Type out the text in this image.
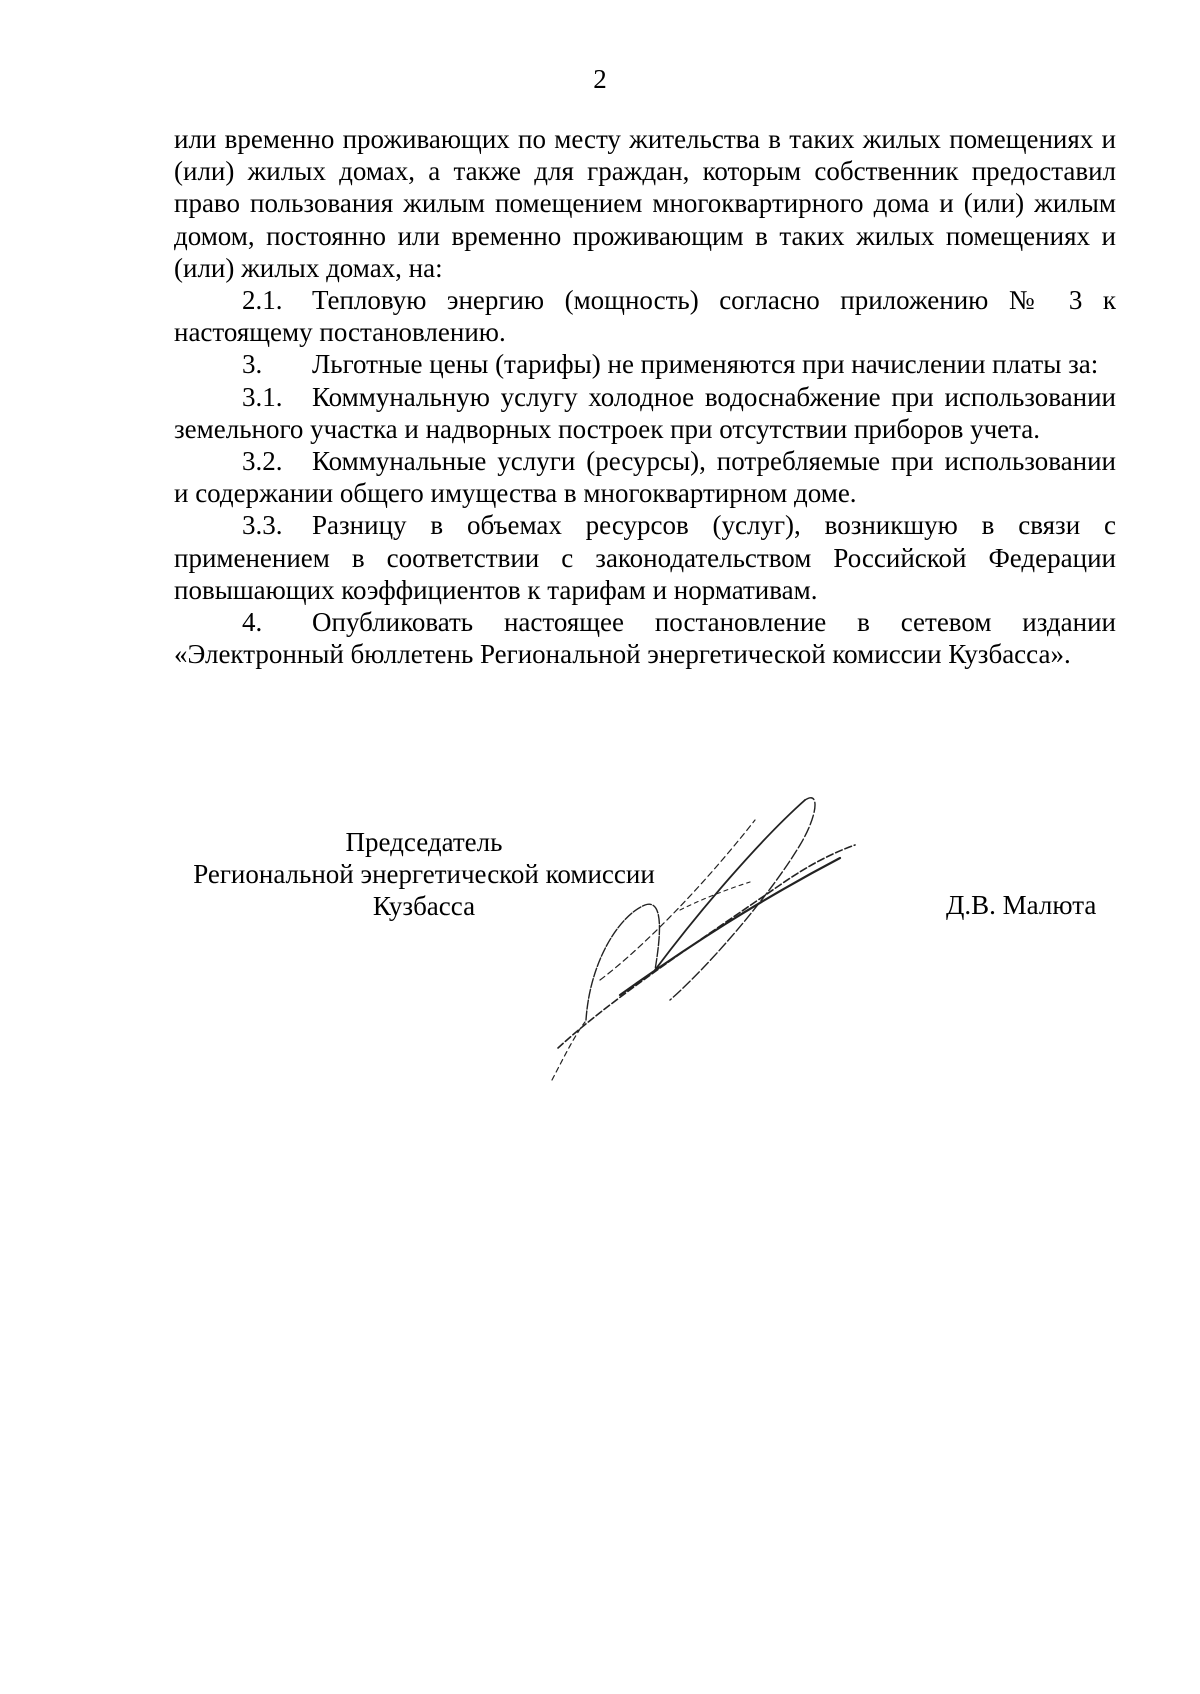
2

или временно проживающих по месту жительства в таких жилых помещениях и (или) жилых домах, а также для граждан, которым собственник предоставил право пользования жилым помещением многоквартирного дома и (или) жилым домом, постоянно или временно проживающим в таких жилых помещениях и (или) жилых домах, на:

2.1. Тепловую энергию (мощность) согласно приложению № 3 к настоящему постановлению.

3. Льготные цены (тарифы) не применяются при начислении платы за:

3.1. Коммунальную услугу холодное водоснабжение при использовании земельного участка и надворных построек при отсутствии приборов учета.

3.2. Коммунальные услуги (ресурсы), потребляемые при использовании и содержании общего имущества в многоквартирном доме.

3.3. Разницу в объемах ресурсов (услуг), возникшую в связи с применением в соответствии с законодательством Российской Федерации повышающих коэффициентов к тарифам и нормативам.

4. Опубликовать настоящее постановление в сетевом издании «Электронный бюллетень Региональной энергетической комиссии Кузбасса».

Председатель
Региональной энергетической комиссии
Кузбасса	Д.В. Малюта
